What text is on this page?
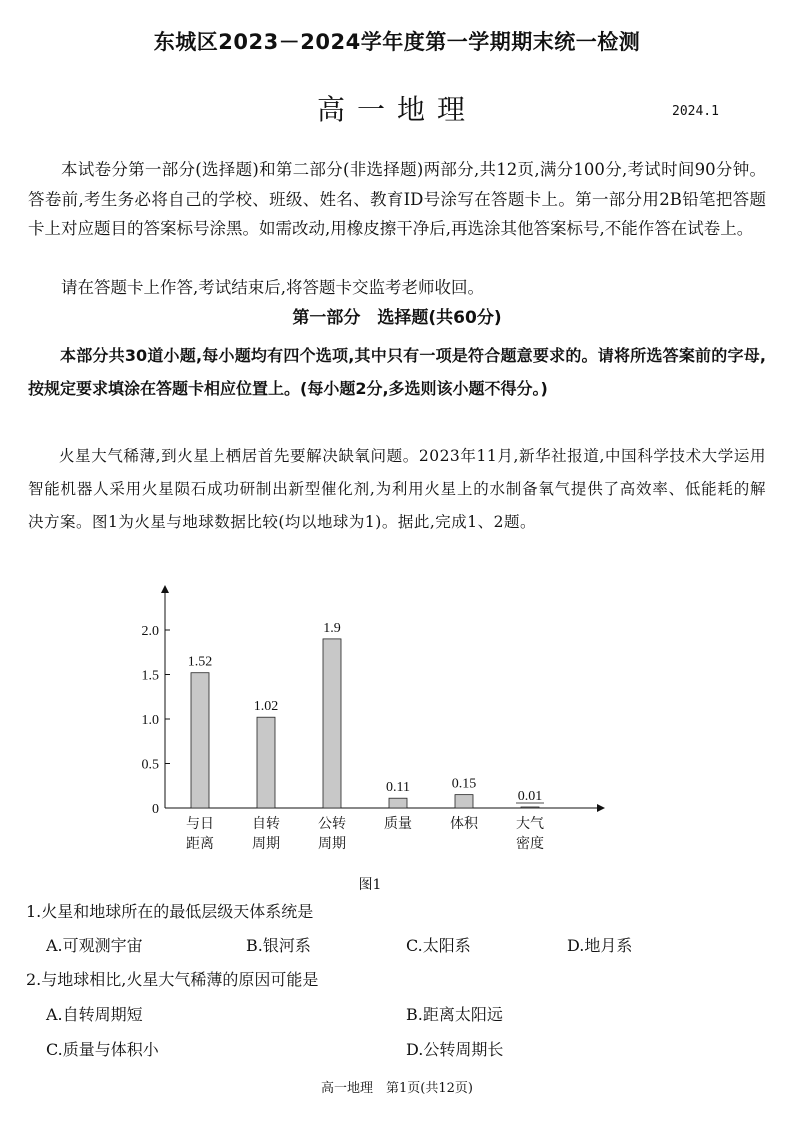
东城区2023－2024学年度第一学期期末统一检测
高一地理	2024.1
本试卷分第一部分(选择题)和第二部分(非选择题)两部分,共12页,满分100分,考试时间90分钟。答卷前,考生务必将自己的学校、班级、姓名、教育ID号涂写在答题卡上。第一部分用2B铅笔把答题卡上对应题目的答案标号涂黑。如需改动,用橡皮擦干净后,再选涂其他答案标号,不能作答在试卷上。
请在答题卡上作答,考试结束后,将答题卡交监考老师收回。
第一部分　选择题(共60分)
本部分共30道小题,每小题均有四个选项,其中只有一项是符合题意要求的。请将所选答案前的字母,按规定要求填涂在答题卡相应位置上。(每小题2分,多选则该小题不得分。)
火星大气稀薄,到火星上栖居首先要解决缺氧问题。2023年11月,新华社报道,中国科学技术大学运用智能机器人采用火星陨石成功研制出新型催化剂,为利用火星上的水制备氧气提供了高效率、低能耗的解决方案。图1为火星与地球数据比较(均以地球为1)。据此,完成1、2题。
0
0.5
1.0
1.5
2.0
1.52
与日
距离
1.02
自转
周期
1.9
公转
周期
0.11
质量
0.15
体积
0.01
大气
密度
图1
1.火星和地球所在的最低层级天体系统是
A.可观测宇宙	B.银河系	C.太阳系	D.地月系
2.与地球相比,火星大气稀薄的原因可能是
A.自转周期短	B.距离太阳远
C.质量与体积小	D.公转周期长
高一地理　第1页(共12页)
